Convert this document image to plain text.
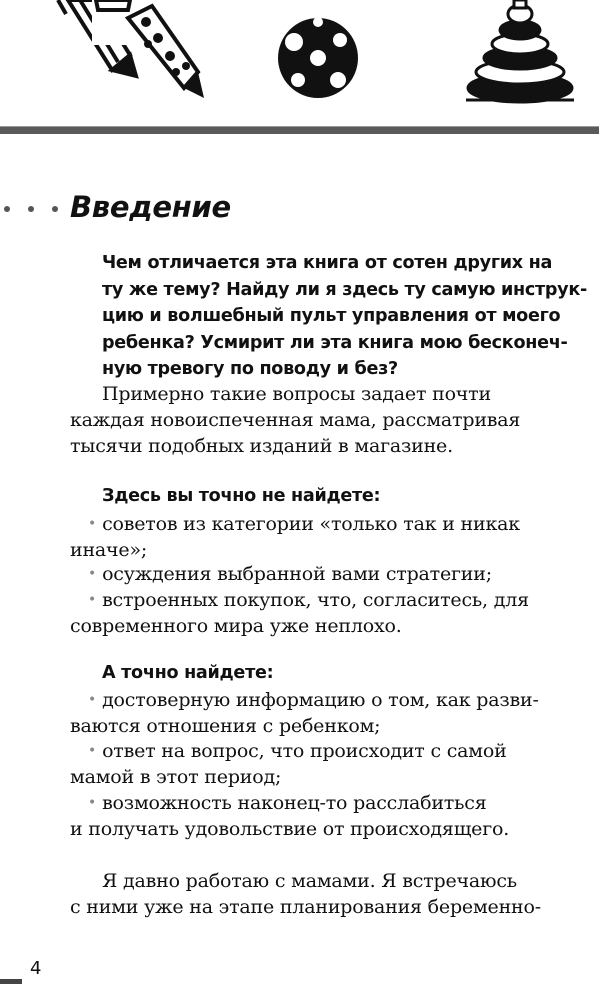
Введение
Чем отличается эта книга от сотен других на
ту же тему? Найду ли я здесь ту самую инструк-
цию и волшебный пульт управления от моего
ребенка? Усмирит ли эта книга мою бесконеч-
ную тревогу по поводу и без?
Примерно такие вопросы задает почти
каждая новоиспеченная мама, рассматривая
тысячи подобных изданий в магазине.
Здесь вы точно не найдете:
• советов из категории «только так и никак
иначе»;
• осуждения выбранной вами стратегии;
• встроенных покупок, что, согласитесь, для
современного мира уже неплохо.
А точно найдете:
• достоверную информацию о том, как разви-
ваются отношения с ребенком;
• ответ на вопрос, что происходит с самой
мамой в этот период;
• возможность наконец-то расслабиться
и получать удовольствие от происходящего.
Я давно работаю с мамами. Я встречаюсь
с ними уже на этапе планирования беременно-
4
